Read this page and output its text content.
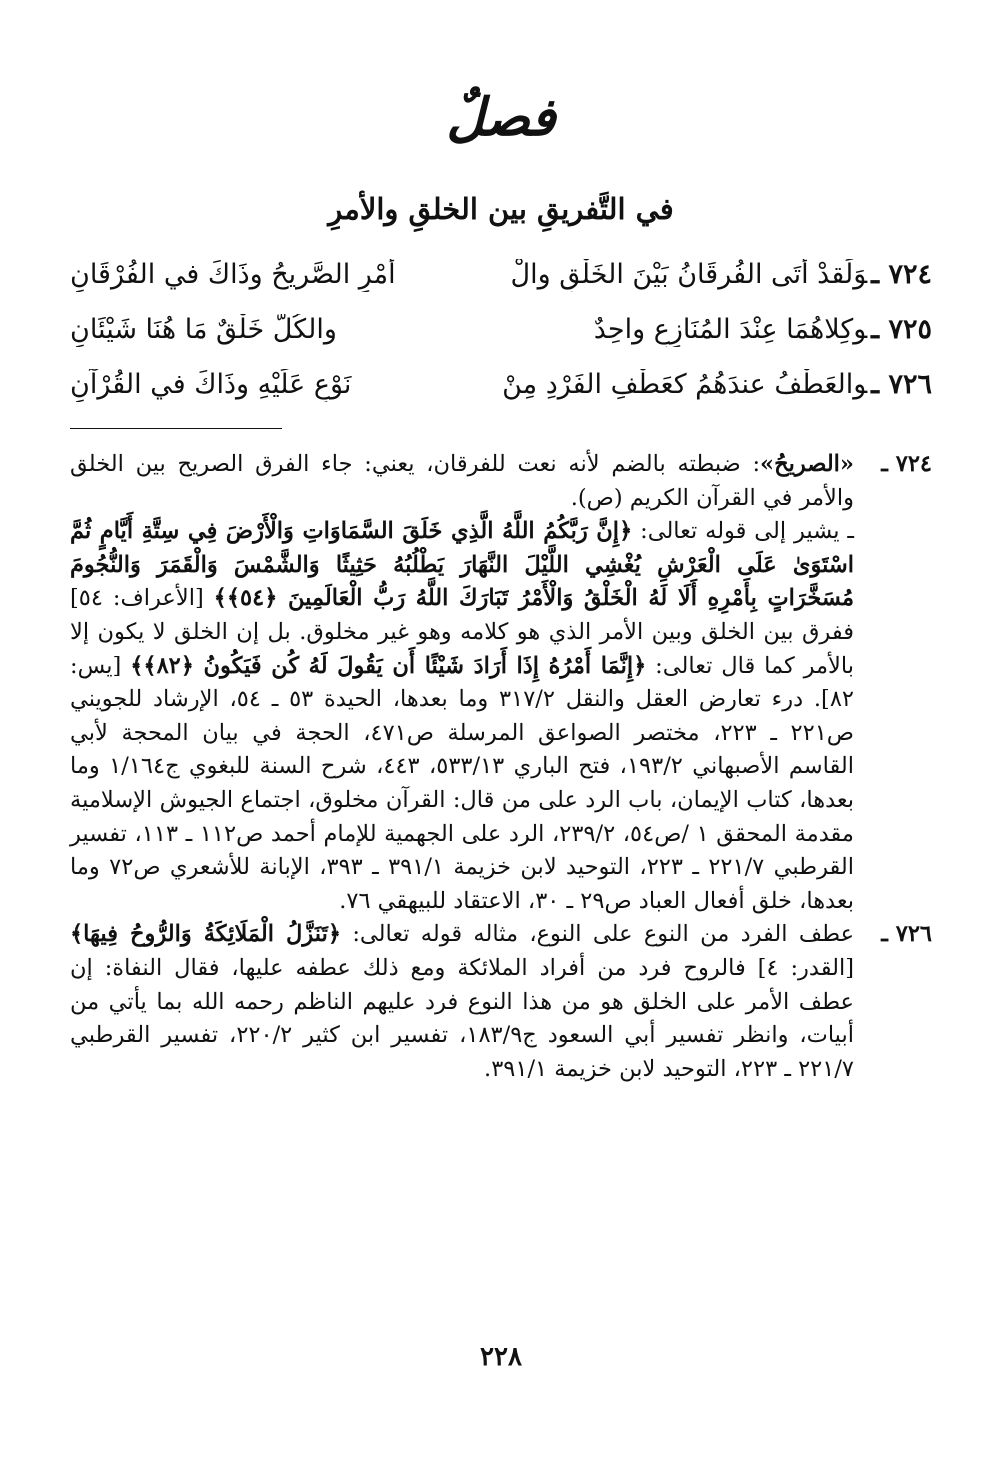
فصلٌ
في التَّفريقِ بين الخلقِ والأمرِ
٧٢٤ ـوَلَقدْ أَتَى الفُرقَانُ بَيْنَ الخَلْقِ والْ
أَمْرِ الصَّريحُ وذَاكَ في الفُرْقَانِ
٧٢٥ ـوكِلاهُمَا عِنْدَ المُنَازِعِ واحِدٌ
والكُلُّ خَلْقٌ مَا هُنَا شَيْئَانِ
٧٢٦ ـوالعَطْفُ عندَهُمُ كعَطْفِ الفَرْدِ مِنْ
نَوْعٍ عَلَيْهِ وذَاكَ في القُرْآنِ
٧٢٤ ـ

«الصريحُ»: ضبطته بالضم لأنه نعت للفرقان، يعني: جاء الفرق الصريح بين الخلق والأمر في القرآن الكريم (ص).

ـ يشير إلى قوله تعالى: ﴿إِنَّ رَبَّكُمُ اللَّهُ الَّذِي خَلَقَ السَّمَاوَاتِ وَالْأَرْضَ فِي سِتَّةِ أَيَّامٍ ثُمَّ اسْتَوَىٰ عَلَى الْعَرْشِ يُغْشِي اللَّيْلَ النَّهَارَ يَطْلُبُهُ حَثِيثًا وَالشَّمْسَ وَالْقَمَرَ وَالنُّجُومَ مُسَخَّرَاتٍ بِأَمْرِهِ أَلَا لَهُ الْخَلْقُ وَالْأَمْرُ تَبَارَكَ اللَّهُ رَبُّ الْعَالَمِينَ ﴿٥٤﴾﴾ [الأعراف: ٥٤] ففرق بين الخلق وبين الأمر الذي هو كلامه وهو غير مخلوق. بل إن الخلق لا يكون إلا بالأمر كما قال تعالى: ﴿إِنَّمَا أَمْرُهُ إِذَا أَرَادَ شَيْئًا أَن يَقُولَ لَهُ كُن فَيَكُونُ ﴿٨٢﴾﴾ [يس: ٨٢]. درء تعارض العقل والنقل ٣١٧/٢ وما بعدها، الحيدة ٥٣ ـ ٥٤، الإرشاد للجويني ص٢٢١ ـ ٢٢٣، مختصر الصواعق المرسلة ص٤٧١، الحجة في بيان المحجة لأبي القاسم الأصبهاني ١٩٣/٢، فتح الباري ٥٣٣/١٣، ٤٤٣، شرح السنة للبغوي ج١/١٦٤ وما بعدها، كتاب الإيمان، باب الرد على من قال: القرآن مخلوق، اجتماع الجيوش الإسلامية مقدمة المحقق ١ /ص٥٤، ٢٣٩/٢، الرد على الجهمية للإمام أحمد ص١١٢ ـ ١١٣، تفسير القرطبي ٢٢١/٧ ـ ٢٢٣، التوحيد لابن خزيمة ٣٩١/١ ـ ٣٩٣، الإبانة للأشعري ص٧٢ وما بعدها، خلق أفعال العباد ص٢٩ ـ ٣٠، الاعتقاد للبيهقي ٧٦.

٧٢٦ ـ

عطف الفرد من النوع على النوع، مثاله قوله تعالى: ﴿تَنَزَّلُ الْمَلَائِكَةُ وَالرُّوحُ فِيهَا﴾ [القدر: ٤] فالروح فرد من أفراد الملائكة ومع ذلك عطفه عليها، فقال النفاة: إن عطف الأمر على الخلق هو من هذا النوع فرد عليهم الناظم رحمه الله بما يأتي من أبيات، وانظر تفسير أبي السعود ج١٨٣/٩، تفسير ابن كثير ٢٢٠/٢، تفسير القرطبي ٢٢١/٧ ـ ٢٢٣، التوحيد لابن خزيمة ٣٩١/١.

٢٢٨
